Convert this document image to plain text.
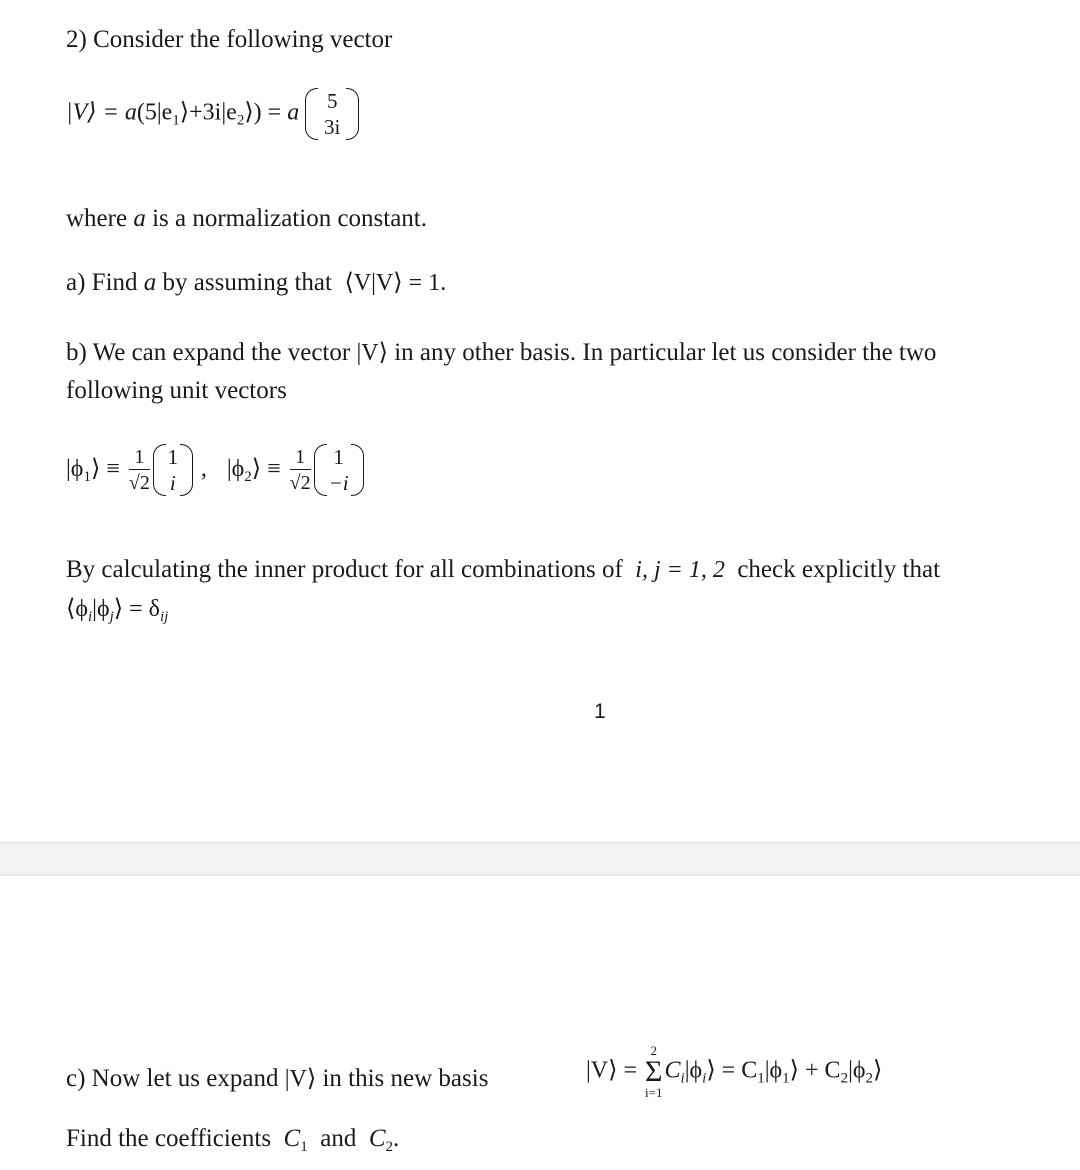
2) Consider the following vector
|V⟩ = $a(5|e_1⟩+3i|e_2⟩) = a$	5
3i
where a is a normalization constant.
a) Find a by assuming that ⟨V|V⟩ = 1.
b) We can expand the vector |V⟩ in any other basis. In particular let us consider the two
following unit vectors
$|\phi_1⟩ \equiv \frac{1}{√2} 1$
i
, $|\phi_2⟩ \equiv \frac{1}{√2}$	1
−i
By calculating the inner product for all combinations of i, j = 1, 2 check explicitly that
$⟨\phi_i|\phi_j⟩ = \delta_{ij}$
1
c) Now let us expand |V⟩ in this new basis	|V⟩ =
2
Σ
i=1
$C_i|\phi_i⟩$ = $C_1|\phi_1⟩$ + $C_2|\phi_2⟩$
Find the coefficients $C_1$ and $C_2$.
